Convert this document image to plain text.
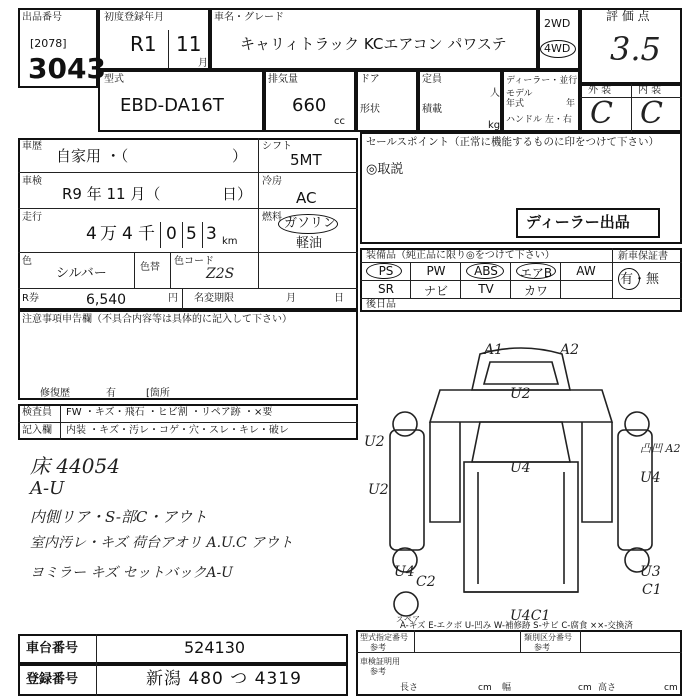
出品番号
[2078]
3043
初度登録年月
R1 11
月
車名・グレード
キャリィトラック KCエアコン パワステ
2WD
4WD
評 価 点
3.5
型式
EBD-DA16T
排気量
660
cc
ドア
形状
定員
人
積載
kg
ディーラー・並行
モデル
年式	年
ハンドル 左・右
外 装	内 装
C C
車歴
自家用 ・（	）
シフト
5MT
車検
R9 年 11 月（	日）
冷房
AC
走行
4 万 4 千 0 5 3 km
燃料 ガソリン
軽油
色
シルバー	色替
色コード
Z2S
R券	6,540	円 名変期限	月	日
セールスポイント（正常に機能するものに印をつけて下さい）
◎取説
ディーラー出品
装備品（純正品に限り◎をつけて下さい）
PS	PW	ABS	エアB	AW
SR	ナビ	TV	カワ
新車保証書
有・無
後日品
注意事項申告欄（不具合内容等は具体的に記入して下さい）
修復歴	有	[箇所
検査員 FW ・キズ・飛石 ・ヒビ割 ・リペア跡 ・×要
記入欄 内装 ・キズ・汚レ・コゲ・穴・スレ・キレ・破レ
床 44054
A-U
内側リア・S-部C・アウト
室内汚レ・キズ 荷台アオリ A.U.C アウト
ヨミラー キズ セットバックA-U
A1	A2
U2
U2
U4
U4
U2
U4
U3
C1
U4C1
C2
凸凹 A2
スペア
A-キズ E-エクボ U-凹み W-補修跡 S-サビ C-腐食 ××-交換済
型式指定番号
参考
類別区分番号
参考
車検証明用
参考
長さ	cm 幅	cm 高さ	cm
車台番号	524130
登録番号	新潟 480 つ 4319
